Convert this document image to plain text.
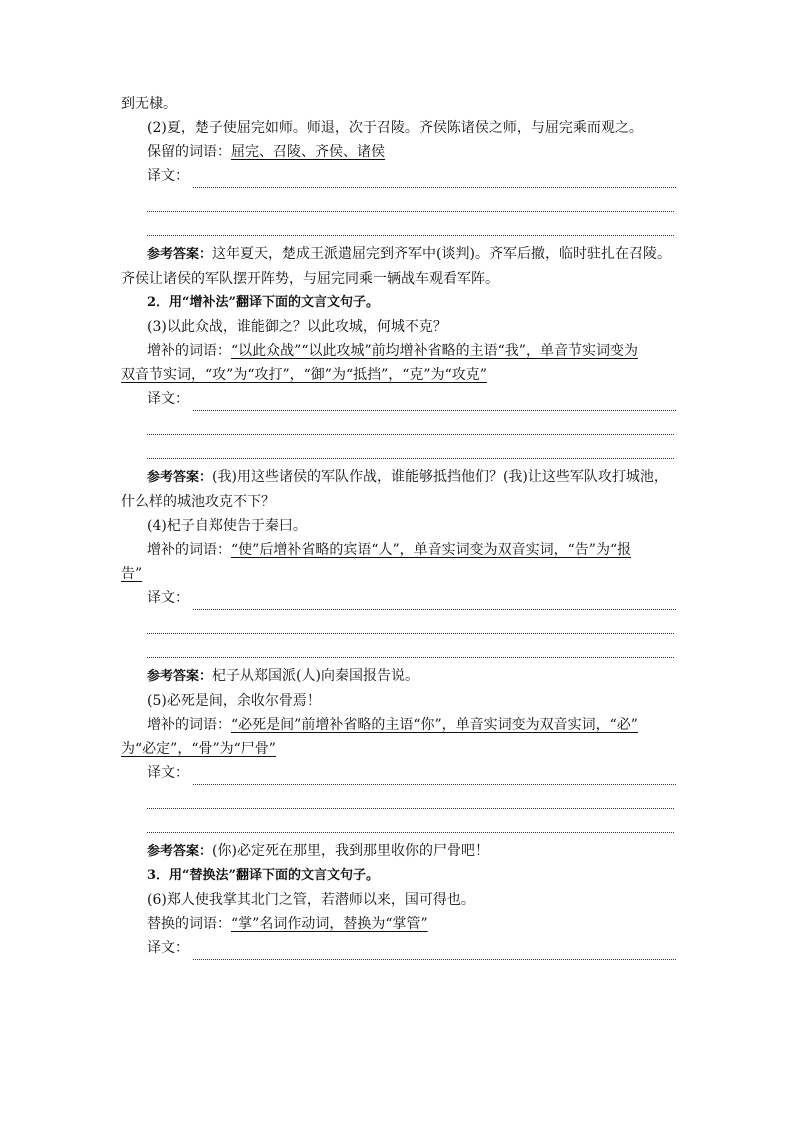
到无棣。
(2)夏，楚子使屈完如师。师退，次于召陵。齐侯陈诸侯之师，与屈完乘而观之。
保留的词语：屈完、召陵、齐侯、诸侯
译文：
参考答案：这年夏天，楚成王派遣屈完到齐军中(谈判)。齐军后撤，临时驻扎在召陵。
齐侯让诸侯的军队摆开阵势，与屈完同乘一辆战车观看军阵。
2．用“增补法”翻译下面的文言文句子。
(3)以此众战，谁能御之？以此攻城，何城不克？
增补的词语：“以此众战”“以此攻城”前均增补省略的主语“我”，单音节实词变为
双音节实词，“攻”为“攻打”，“御”为“抵挡”，“克”为“攻克”
译文：
参考答案：(我)用这些诸侯的军队作战，谁能够抵挡他们？(我)让这些军队攻打城池，
什么样的城池攻克不下？
(4)杞子自郑使告于秦曰。
增补的词语：“使”后增补省略的宾语“人”，单音实词变为双音实词，“告”为“报
告”
译文：
参考答案：杞子从郑国派(人)向秦国报告说。
(5)必死是间，余收尔骨焉！
增补的词语：“必死是间”前增补省略的主语“你”，单音实词变为双音实词，“必”
为“必定”，“骨”为“尸骨”
译文：
参考答案：(你)必定死在那里，我到那里收你的尸骨吧！
3．用“替换法”翻译下面的文言文句子。
(6)郑人使我掌其北门之管，若潜师以来，国可得也。
替换的词语：“掌”名词作动词，替换为“掌管”
译文：
